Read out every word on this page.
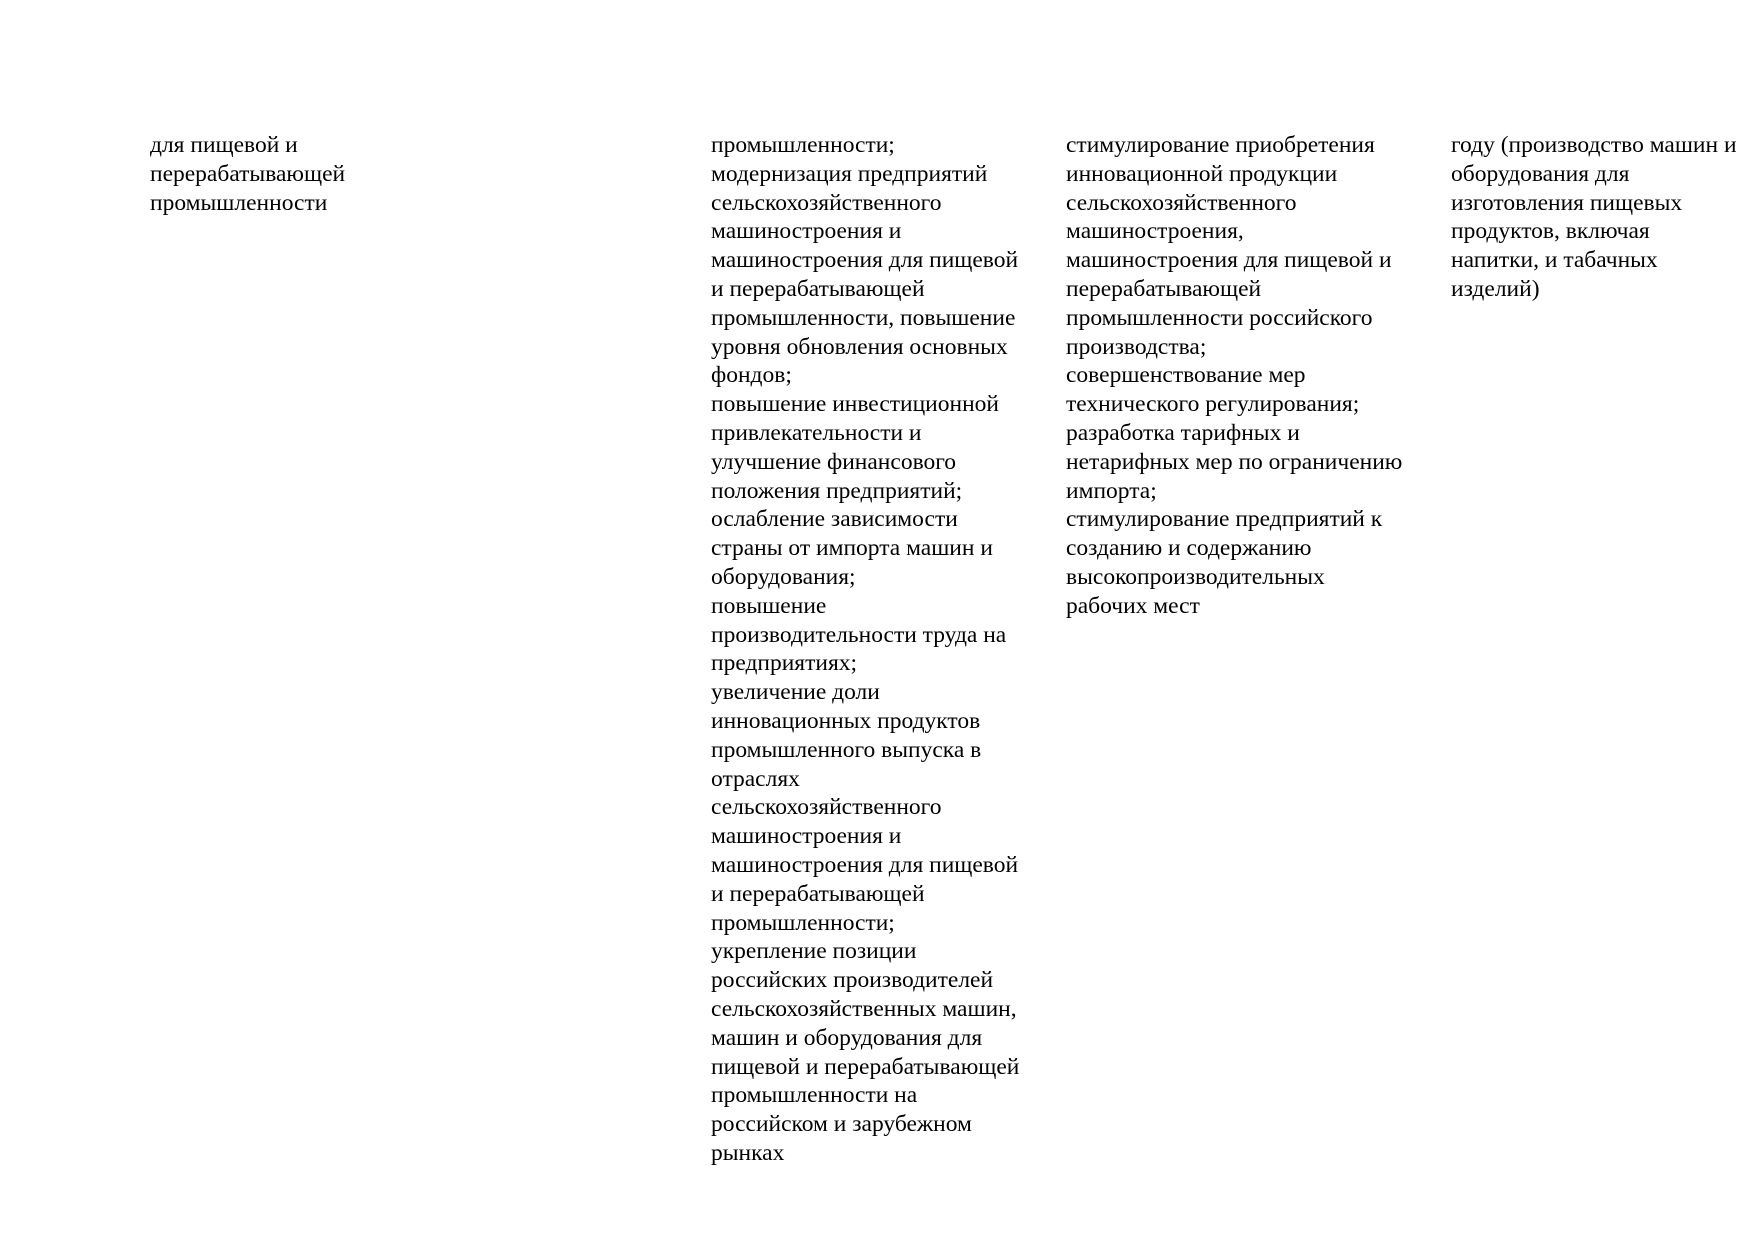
для пищевой и
перерабатывающей
промышленности
промышленности;
модернизация предприятий
сельскохозяйственного
машиностроения и
машиностроения для пищевой
и перерабатывающей
промышленности, повышение
уровня обновления основных
фондов;
повышение инвестиционной
привлекательности и
улучшение финансового
положения предприятий;
ослабление зависимости
страны от импорта машин и
оборудования;
повышение
производительности труда на
предприятиях;
увеличение доли
инновационных продуктов
промышленного выпуска в
отраслях
сельскохозяйственного
машиностроения и
машиностроения для пищевой
и перерабатывающей
промышленности;
укрепление позиции
российских производителей
сельскохозяйственных машин,
машин и оборудования для
пищевой и перерабатывающей
промышленности на
российском и зарубежном
рынках
стимулирование приобретения
инновационной продукции
сельскохозяйственного
машиностроения,
машиностроения для пищевой и
перерабатывающей
промышленности российского
производства;
совершенствование мер
технического регулирования;
разработка тарифных и
нетарифных мер по ограничению
импорта;
стимулирование предприятий к
созданию и содержанию
высокопроизводительных
рабочих мест
году (производство машин и
оборудования для
изготовления пищевых
продуктов, включая
напитки, и табачных
изделий)
